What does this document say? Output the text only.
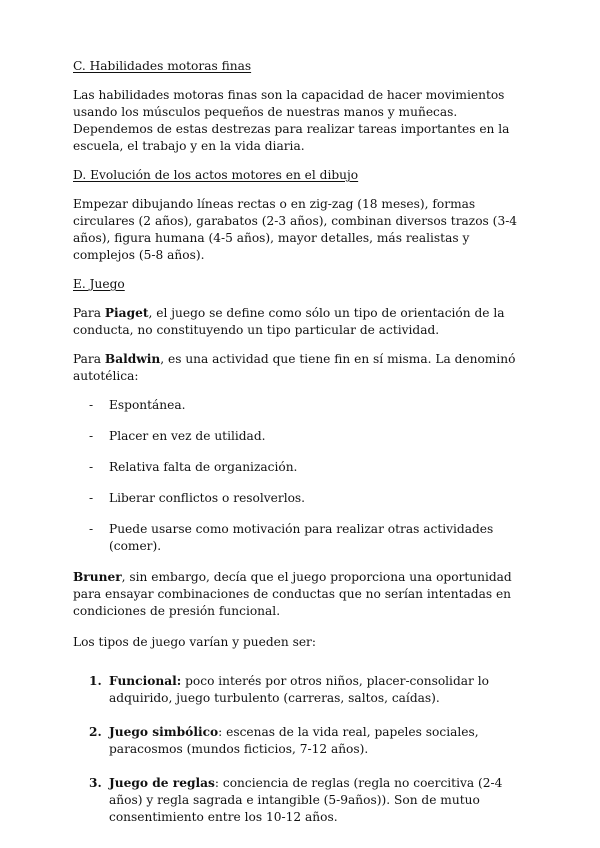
C. Habilidades motoras finas

Las habilidades motoras finas son la capacidad de hacer movimientos usando los músculos pequeños de nuestras manos y muñecas. Dependemos de estas destrezas para realizar tareas importantes en la escuela, el trabajo y en la vida diaria.

D. Evolución de los actos motores en el dibujo

Empezar dibujando líneas rectas o en zig-zag (18 meses), formas circulares (2 años), garabatos (2-3 años), combinan diversos trazos (3-4 años), figura humana (4-5 años), mayor detalles, más realistas y complejos (5-8 años).

E. Juego

Para Piaget, el juego se define como sólo un tipo de orientación de la conducta, no constituyendo un tipo particular de actividad.

Para Baldwin, es una actividad que tiene fin en sí misma. La denominó autotélica:

- Espontánea.
- Placer en vez de utilidad.
- Relativa falta de organización.
- Liberar conflictos o resolverlos.
- Puede usarse como motivación para realizar otras actividades (comer).

Bruner, sin embargo, decía que el juego proporciona una oportunidad para ensayar combinaciones de conductas que no serían intentadas en condiciones de presión funcional.

Los tipos de juego varían y pueden ser:

1. Funcional: poco interés por otros niños, placer-consolidar lo adquirido, juego turbulento (carreras, saltos, caídas).
2. Juego simbólico: escenas de la vida real, papeles sociales, paracosmos (mundos ficticios, 7-12 años).
3. Juego de reglas: conciencia de reglas (regla no coercitiva (2-4 años) y regla sagrada e intangible (5-9años)). Son de mutuo consentimiento entre los 10-12 años.
